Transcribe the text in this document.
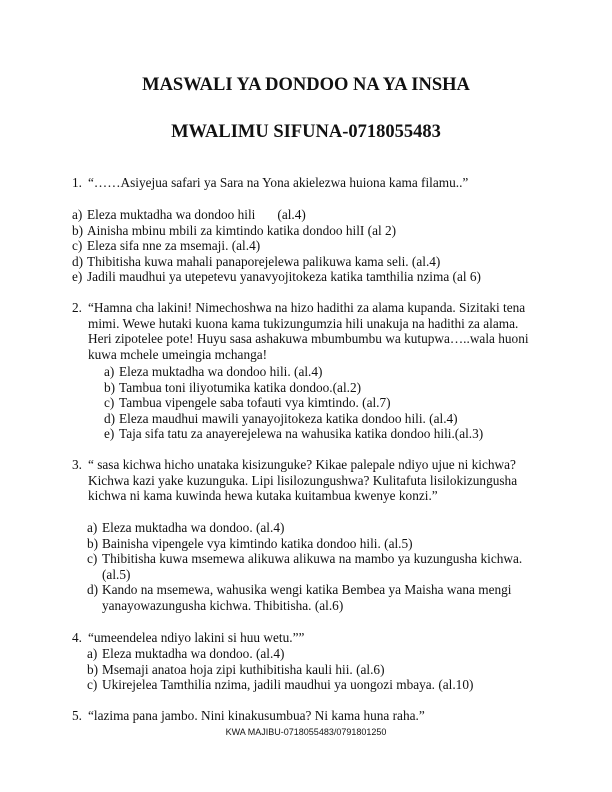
MASWALI YA DONDOO NA YA INSHA
MWALIMU SIFUNA-0718055483
1. “……Asiyejua safari ya Sara na Yona akielezwa huiona kama filamu..”
a) Eleza muktadha wa dondoo hili (al.4)
b) Ainisha mbinu mbili za kimtindo katika dondoo hilI (al 2)
c) Eleza sifa nne za msemaji. (al.4)
d) Thibitisha kuwa mahali panaporejelewa palikuwa kama seli. (al.4)
e) Jadili maudhui ya utepetevu yanavyojitokeza katika tamthilia nzima (al 6)
2. “Hamna cha lakini! Nimechoshwa na hizo hadithi za alama kupanda. Sizitaki tena mimi. Wewe hutaki kuona kama tukizungumzia hili unakuja na hadithi za alama. Heri zipotelee pote! Huyu sasa ashakuwa mbumbumbu wa kutupwa…..wala huoni kuwa mchele umeingia mchanga!
a) Eleza muktadha wa dondoo hili. (al.4)
b) Tambua toni iliyotumika katika dondoo.(al.2)
c) Tambua vipengele saba tofauti vya kimtindo. (al.7)
d) Eleza maudhui mawili yanayojitokeza katika dondoo hili. (al.4)
e) Taja sifa tatu za anayerejelewa na wahusika katika dondoo hili.(al.3)
3. “ sasa kichwa hicho unataka kisizunguke? Kikae palepale ndiyo ujue ni kichwa? Kichwa kazi yake kuzunguka. Lipi lisilozungushwa? Kulitafuta lisilokizungusha kichwa ni kama kuwinda hewa kutaka kuitambua kwenye konzi.”
a) Eleza muktadha wa dondoo. (al.4)
b) Bainisha vipengele vya kimtindo katika dondoo hili. (al.5)
c) Thibitisha kuwa msemewa alikuwa alikuwa na mambo ya kuzungusha kichwa. (al.5)
d) Kando na msemewa, wahusika wengi katika Bembea ya Maisha wana mengi yanayowazungusha kichwa. Thibitisha. (al.6)
4. “umeendelea ndiyo lakini si huu wetu.””
a) Eleza muktadha wa dondoo. (al.4)
b) Msemaji anatoa hoja zipi kuthibitisha kauli hii. (al.6)
c) Ukirejelea Tamthilia nzima, jadili maudhui ya uongozi mbaya. (al.10)
5. “lazima pana jambo. Nini kinakusumbua? Ni kama huna raha.”
KWA MAJIBU-0718055483/0791801250
